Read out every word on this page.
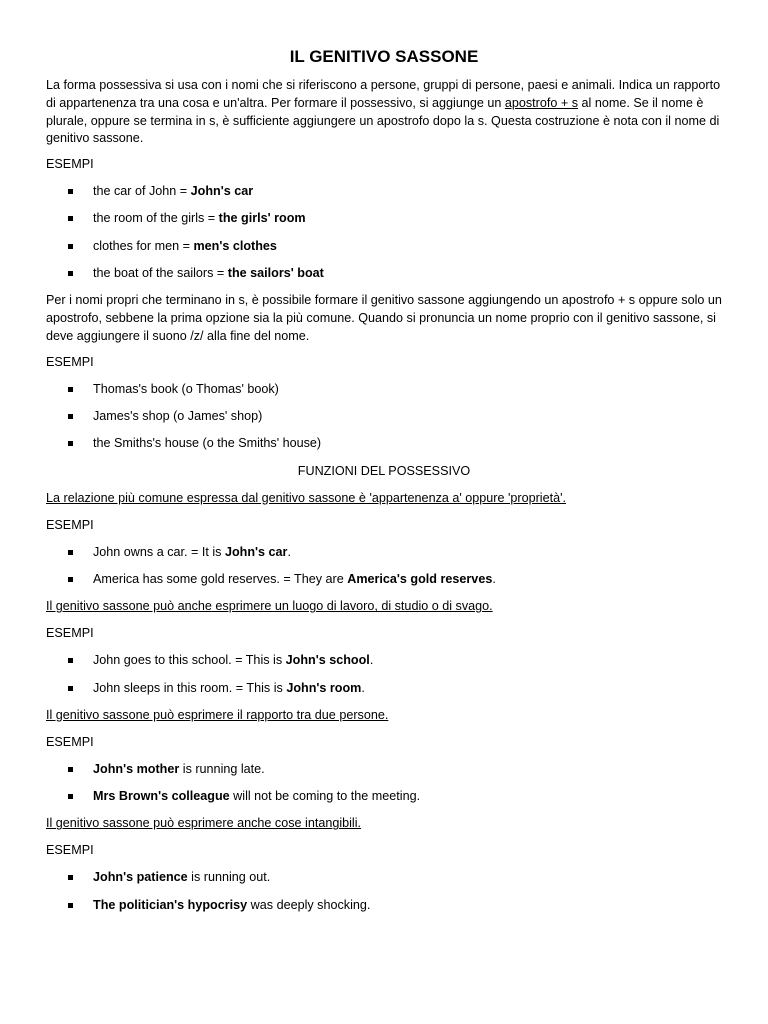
IL GENITIVO SASSONE

La forma possessiva si usa con i nomi che si riferiscono a persone, gruppi di persone, paesi e animali. Indica un rapporto di appartenenza tra una cosa e un'altra. Per formare il possessivo, si aggiunge un apostrofo + s al nome. Se il nome è plurale, oppure se termina in s, è sufficiente aggiungere un apostrofo dopo la s. Questa costruzione è nota con il nome di genitivo sassone.

ESEMPI
the car of John = John's car
the room of the girls = the girls' room
clothes for men = men's clothes
the boat of the sailors = the sailors' boat

Per i nomi propri che terminano in s, è possibile formare il genitivo sassone aggiungendo un apostrofo + s oppure solo un apostrofo, sebbene la prima opzione sia la più comune. Quando si pronuncia un nome proprio con il genitivo sassone, si deve aggiungere il suono /z/ alla fine del nome.

ESEMPI
Thomas's book (o Thomas' book)
James's shop (o James' shop)
the Smiths's house (o the Smiths' house)
FUNZIONI DEL POSSESSIVO
La relazione più comune espressa dal genitivo sassone è 'appartenenza a' oppure 'proprietà'.
ESEMPI
John owns a car. = It is John's car.
America has some gold reserves. = They are America's gold reserves.
Il genitivo sassone può anche esprimere un luogo di lavoro, di studio o di svago.
ESEMPI
John goes to this school. = This is John's school.
John sleeps in this room. = This is John's room.
Il genitivo sassone può esprimere il rapporto tra due persone.
ESEMPI
John's mother is running late.
Mrs Brown's colleague will not be coming to the meeting.
Il genitivo sassone può esprimere anche cose intangibili.
ESEMPI
John's patience is running out.
The politician's hypocrisy was deeply shocking.
